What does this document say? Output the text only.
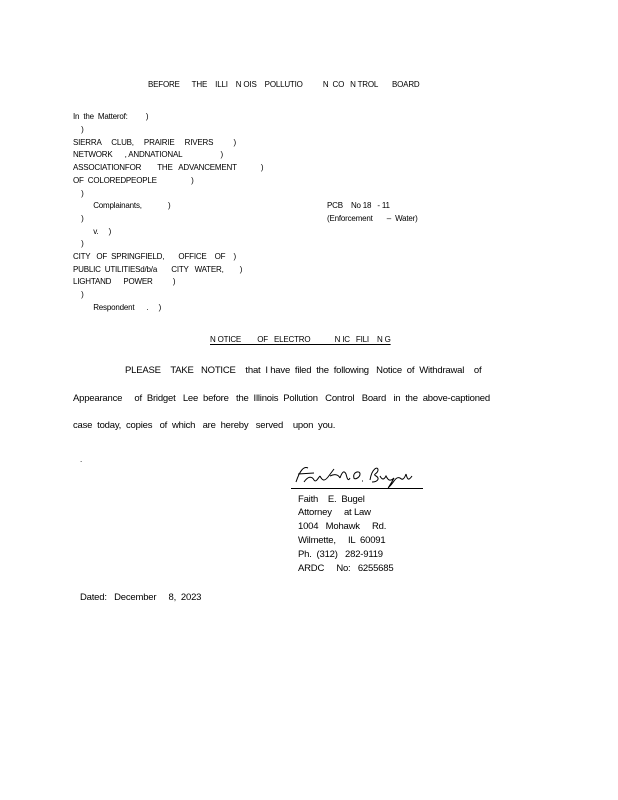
BEFORE      THE    ILLI    N OIS    POLLUTIO          N  CO   N TROL       BOARD
In  the  Matterof:         )
)
SIERRA     CLUB,     PRAIRIE     RIVERS          )
NETWORK      , ANDNATIONAL                   )
ASSOCIATIONFOR        THE   ADVANCEMENT            )
OF  COLOREDPEOPLE                 )
)
Complainants,             )
)
v.     )
)
CITY   OF  SPRINGFIELD,       OFFICE    OF    )
PUBLIC  UTILITIESd/b/a       CITY   WATER,        )
LIGHTAND      POWER          )
)
Respondent      .     )
PCB    No 18   - 11
(Enforcement       –  Water)
N OTICE        OF   ELECTRO            N IC   FILI    N G
PLEASE    TAKE   NOTICE    that  I have  filed  the  following   Notice  of  Withdrawal    of
Appearance     of  Bridget   Lee  before   the  Illinois  Pollution   Control   Board   in  the  above-captioned
case  today,  copies   of  which   are  hereby   served    upon  you.
.
Faith    E.  Bugel
Attorney     at Law
1004   Mohawk     Rd.
Wilmette,     IL  60091
Ph.  (312)   282-9119
ARDC     No:   6255685
Dated:   December     8,  2023
